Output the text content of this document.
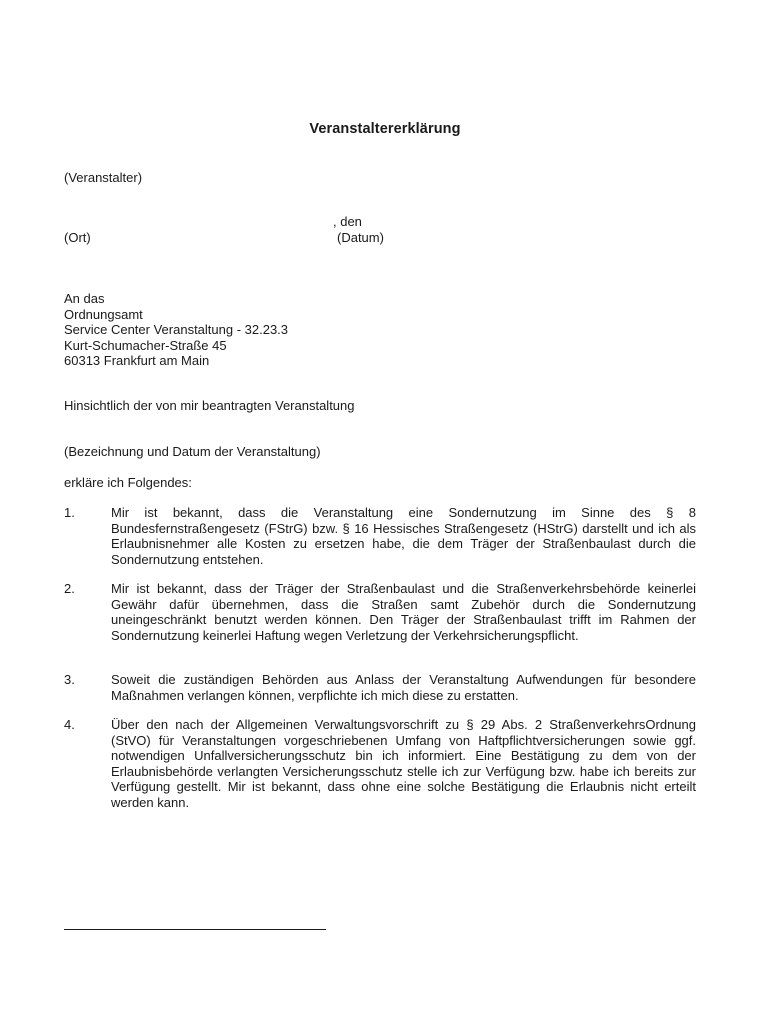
Veranstaltererklärung
(Veranstalter)
, den
(Ort)	(Datum)
An das
Ordnungsamt
Service Center Veranstaltung - 32.23.3
Kurt-Schumacher-Straße 45
60313 Frankfurt am Main
Hinsichtlich der von mir beantragten Veranstaltung
(Bezeichnung und Datum der Veranstaltung)
erkläre ich Folgendes:
1.	Mir ist bekannt, dass die Veranstaltung eine Sondernutzung im Sinne des § 8 Bundesfernstraßengesetz (FStrG) bzw. § 16 Hessisches Straßengesetz (HStrG) darstellt und ich als Erlaubnisnehmer alle Kosten zu ersetzen habe, die dem Träger der Straßenbaulast durch die Sondernutzung entstehen.
2.	Mir ist bekannt, dass der Träger der Straßenbaulast und die Straßenverkehrsbehörde keinerlei Gewähr dafür übernehmen, dass die Straßen samt Zubehör durch die Sondernutzung uneingeschränkt benutzt werden können. Den Träger der Straßenbaulast trifft im Rahmen der Sondernutzung keinerlei Haftung wegen Verletzung der Verkehrsicherungspflicht.
3.	Soweit die zuständigen Behörden aus Anlass der Veranstaltung Aufwendungen für besondere Maßnahmen verlangen können, verpflichte ich mich diese zu erstatten.
4.	Über den nach der Allgemeinen Verwaltungsvorschrift zu § 29 Abs. 2 StraßenverkehrsOrdnung (StVO) für Veranstaltungen vorgeschriebenen Umfang von Haftpflichtversicherungen sowie ggf. notwendigen Unfallversicherungsschutz bin ich informiert. Eine Bestätigung zu dem von der Erlaubnisbehörde verlangten Versicherungsschutz stelle ich zur Verfügung bzw. habe ich bereits zur Verfügung gestellt. Mir ist bekannt, dass ohne eine solche Bestätigung die Erlaubnis nicht erteilt werden kann.
